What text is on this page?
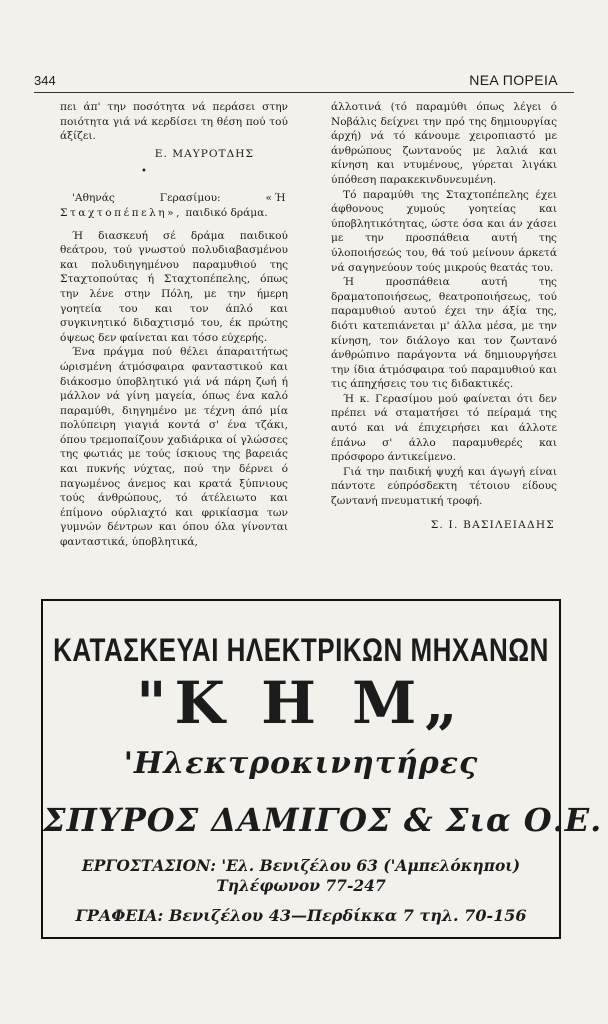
344	ΝΕΑ ΠΟΡΕΙΑ

πει άπ' την ποσότητα νά περάσει στην ποιότητα γιά νά κερδίσει τη θέση πού τού άξίζει.

Ε. ΜΑΥΡΟΤΔΗΣ

•

'Αθηνάς Γερασίμου:	«Ή Σταχτοπέπελη», παιδικό δράμα.

Ή διασκευή σέ δράμα παιδικού θεάτρου, τού γνωστού πολυδιαβασμένου και πολυδιηγημένου παραμυθιού της Σταχτοπούτας ή Σταχτοπέπελης, όπως την λένε στην Πόλη, με την ήμερη γοητεία του και τον άπλό και συγκινητικό διδαχτισμό του, έκ πρώτης όψεως δεν φαίνεται και τόσο εύχερής.

Ένα πράγμα πού θέλει άπαραιτήτως ώρισμένη άτμόσφαιρα φανταστικού και διάκοσμο ύποβλητικό γιά νά πάρη ζωή ή μάλλον νά γίνη μαγεία, όπως ένα καλό παραμύθι, διηγημένο με τέχνη άπό μία πολύπειρη γιαγιά κοντά σ' ένα τζάκι, όπου τρεμοπαίζουν χαδιάρικα οί γλώσσες της φωτιάς με τούς ίσκιους της βαρειάς και πυκνής νύχτας, πού την δέρνει ό παγωμένος άνεμος και κρατά ξύπνιους τούς άνθρώπους, τό άτέλειωτο και έπίμονο ούρλιαχτό και φρικίασμα των γυμνών δέντρων και όπου όλα γίνονται φανταστικά, ύποβλητικά,

άλλοτινά (τό παραμύθι όπως λέγει ό Νοβάλις δείχνει την πρό της δημιουργίας άρχή) νά τό κάνουμε χειροπιαστό με άνθρώπους ζωντανούς με λαλιά και κίνηση και ντυμένους, γύρεται λιγάκι ύπόθεση παρακεκινδυνευμένη.

Τό παραμύθι της Σταχτοπέπελης έχει άφθονους χυμούς γοητείας και ύποβλητικότητας, ώστε όσα και άν χάσει με την προσπάθεια αυτή της ύλοποιήσεώς του, θά τού μείνουν άρκετά νά σαγηνεύουν τούς μικρούς θεατάς του.

Ή προσπάθεια αυτή της δραματοποιήσεως, θεατροποιήσεως, τού παραμυθιού αυτού έχει την άξία της, διότι κατεπιάνεται μ' άλλα μέσα, με την κίνηση, τον διάλογο και τον ζωντανό άνθρώπινο παράγοντα νά δημιουργήσει την ίδια άτμόσφαιρα τού παραμυθιού και τις άπηχήσεις του τις διδακτικές.

Ή κ. Γερασίμου μού φαίνεται ότι δεν πρέπει νά σταματήσει τό πείραμά της αυτό και νά έπιχειρήσει και άλλοτε έπάνω σ' άλλο παραμυθερές και πρόσφορο άντικείμενο.

Γιά την παιδική ψυχή και άγωγή είναι πάντοτε εύπρόσδεκτη τέτοιου είδους ζωντανή πνευματική τροφή.

Σ. Ι. ΒΑΣΙΛΕΙΑΔΗΣ

ΚΑΤΑΣΚΕΥΑΙ ΗΛΕΚΤΡΙΚΩΝ ΜΗΧΑΝΩΝ
"Κ Η Μ„
'Ηλεκτροκινητήρες
ΣΠΥΡΟΣ ΔΑΜΙΓΟΣ & Σια Ο.Ε.
ΕΡΓΟΣΤΑΣΙΟΝ: 'Ελ. Βενιζέλου 63 ('Αμπελόκηποι)
Τηλέφωνον 77-247
ΓΡΑΦΕΙΑ: Βενιζέλου 43—Περδίκκα 7 τηλ. 70-156
